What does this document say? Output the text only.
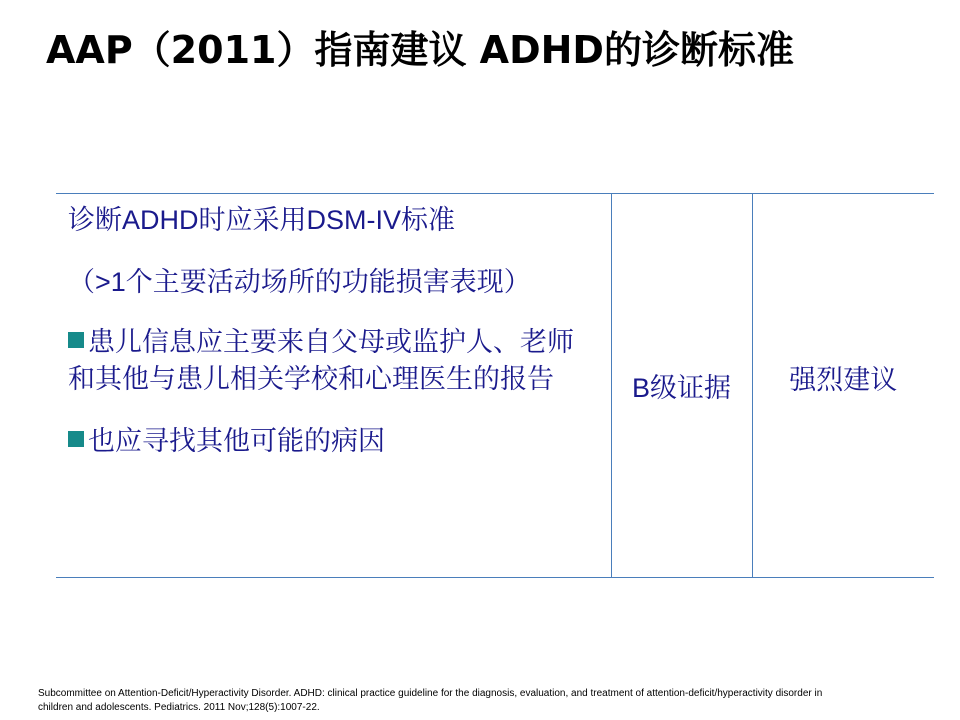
AAP（2011）指南建议 ADHD的诊断标准

诊断ADHD时应采用DSM-IV标准

（>1个主要活动场所的功能损害表现）

患儿信息应主要来自父母或监护人、老师和其他与患儿相关学校和心理医生的报告

也应寻找其他可能的病因

	B级证据	强烈建议
Subcommittee on Attention-Deficit/Hyperactivity Disorder. ADHD: clinical practice guideline for the diagnosis, evaluation, and treatment of attention-deficit/hyperactivity disorder in children and adolescents. Pediatrics. 2011 Nov;128(5):1007-22.
